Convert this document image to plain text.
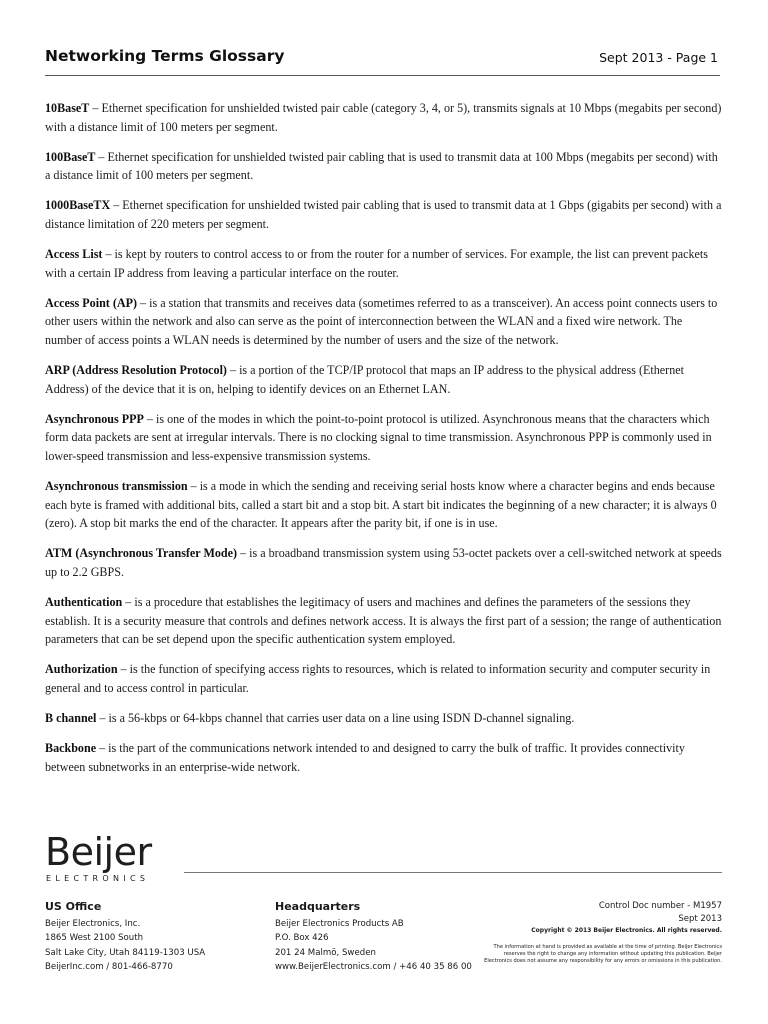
Networking Terms Glossary	Sept 2013 - Page 1

10BaseT – Ethernet specification for unshielded twisted pair cable (category 3, 4, or 5), transmits signals at 10 Mbps (megabits per second) with a distance limit of 100 meters per segment.

100BaseT – Ethernet specification for unshielded twisted pair cabling that is used to transmit data at 100 Mbps (megabits per second) with a distance limit of 100 meters per segment.

1000BaseTX – Ethernet specification for unshielded twisted pair cabling that is used to transmit data at 1 Gbps (gigabits per second) with a distance limitation of 220 meters per segment.

Access List – is kept by routers to control access to or from the router for a number of services. For example, the list can prevent packets with a certain IP address from leaving a particular interface on the router.

Access Point (AP) – is a station that transmits and receives data (sometimes referred to as a transceiver). An access point connects users to other users within the network and also can serve as the point of interconnection between the WLAN and a fixed wire network. The number of access points a WLAN needs is determined by the number of users and the size of the network.

ARP (Address Resolution Protocol) – is a portion of the TCP/IP protocol that maps an IP address to the physical address (Ethernet Address) of the device that it is on, helping to identify devices on an Ethernet LAN.

Asynchronous PPP – is one of the modes in which the point-to-point protocol is utilized. Asynchronous means that the characters which form data packets are sent at irregular intervals. There is no clocking signal to time transmission. Asynchronous PPP is commonly used in lower-speed transmission and less-expensive transmission systems.

Asynchronous transmission – is a mode in which the sending and receiving serial hosts know where a character begins and ends because each byte is framed with additional bits, called a start bit and a stop bit. A start bit indicates the beginning of a new character; it is always 0 (zero). A stop bit marks the end of the character. It appears after the parity bit, if one is in use.

ATM (Asynchronous Transfer Mode) – is a broadband transmission system using 53-octet packets over a cell-switched network at speeds up to 2.2 GBPS.

Authentication – is a procedure that establishes the legitimacy of users and machines and defines the parameters of the sessions they establish. It is a security measure that controls and defines network access. It is always the first part of a session; the range of authentication parameters that can be set depend upon the specific authentication system employed.

Authorization – is the function of specifying access rights to resources, which is related to information security and computer security in general and to access control in particular.

B channel – is a 56-kbps or 64-kbps channel that carries user data on a line using ISDN D-channel signaling.

Backbone – is the part of the communications network intended to and designed to carry the bulk of traffic. It provides connectivity between subnetworks in an enterprise-wide network.

Beijer
ELECTRONICS
US Office
Beijer Electronics, Inc.
1865 West 2100 South
Salt Lake City, Utah 84119-1303 USA
BeijerInc.com / 801-466-8770
Headquarters
Beijer Electronics Products AB
P.O. Box 426
201 24 Malmö, Sweden
www.BeijerElectronics.com / +46 40 35 86 00
Control Doc number - M1957
Sept 2013
Copyright © 2013 Beijer Electronics. All rights reserved.
The information at hand is provided as available at the time of printing. Beijer Electronics reserves the right to change any information without updating this publication. Beijer Electronics does not assume any responsibility for any errors or omissions in this publication.
